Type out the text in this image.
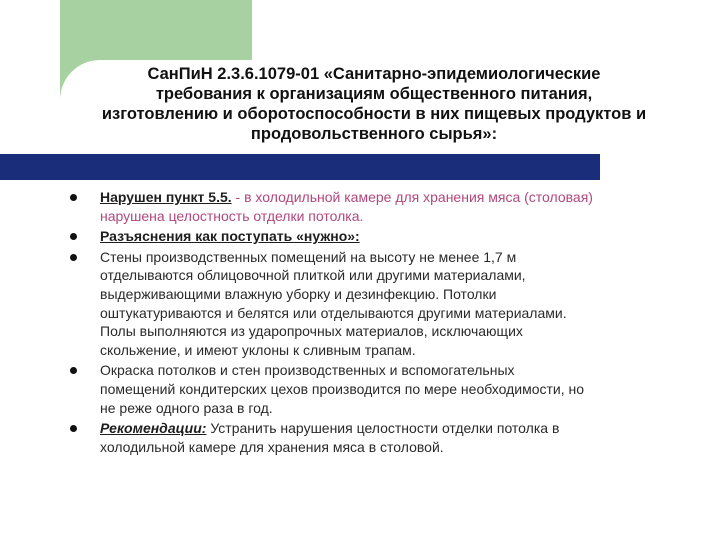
СанПиН 2.3.6.1079-01 «Санитарно-эпидемиологические
требования к организациям общественного питания,
изготовлению и оборотоспособности в них пищевых продуктов и
продовольственного сырья»:
Нарушен пункт 5.5. - в холодильной камере для хранения мяса (столовая)
нарушена целостность отделки потолка.
Разъяснения как поступать «нужно»:
Стены производственных помещений на высоту не менее 1,7 м
отделываются облицовочной плиткой или другими материалами,
выдерживающими влажную уборку и дезинфекцию. Потолки
оштукатуриваются и белятся или отделываются другими материалами.
Полы выполняются из ударопрочных материалов, исключающих
скольжение, и имеют уклоны к сливным трапам.
Окраска потолков и стен производственных и вспомогательных
помещений кондитерских цехов производится по мере необходимости, но
не реже одного раза в год.
Рекомендации: Устранить нарушения целостности отделки потолка в
холодильной камере для хранения мяса в столовой.
